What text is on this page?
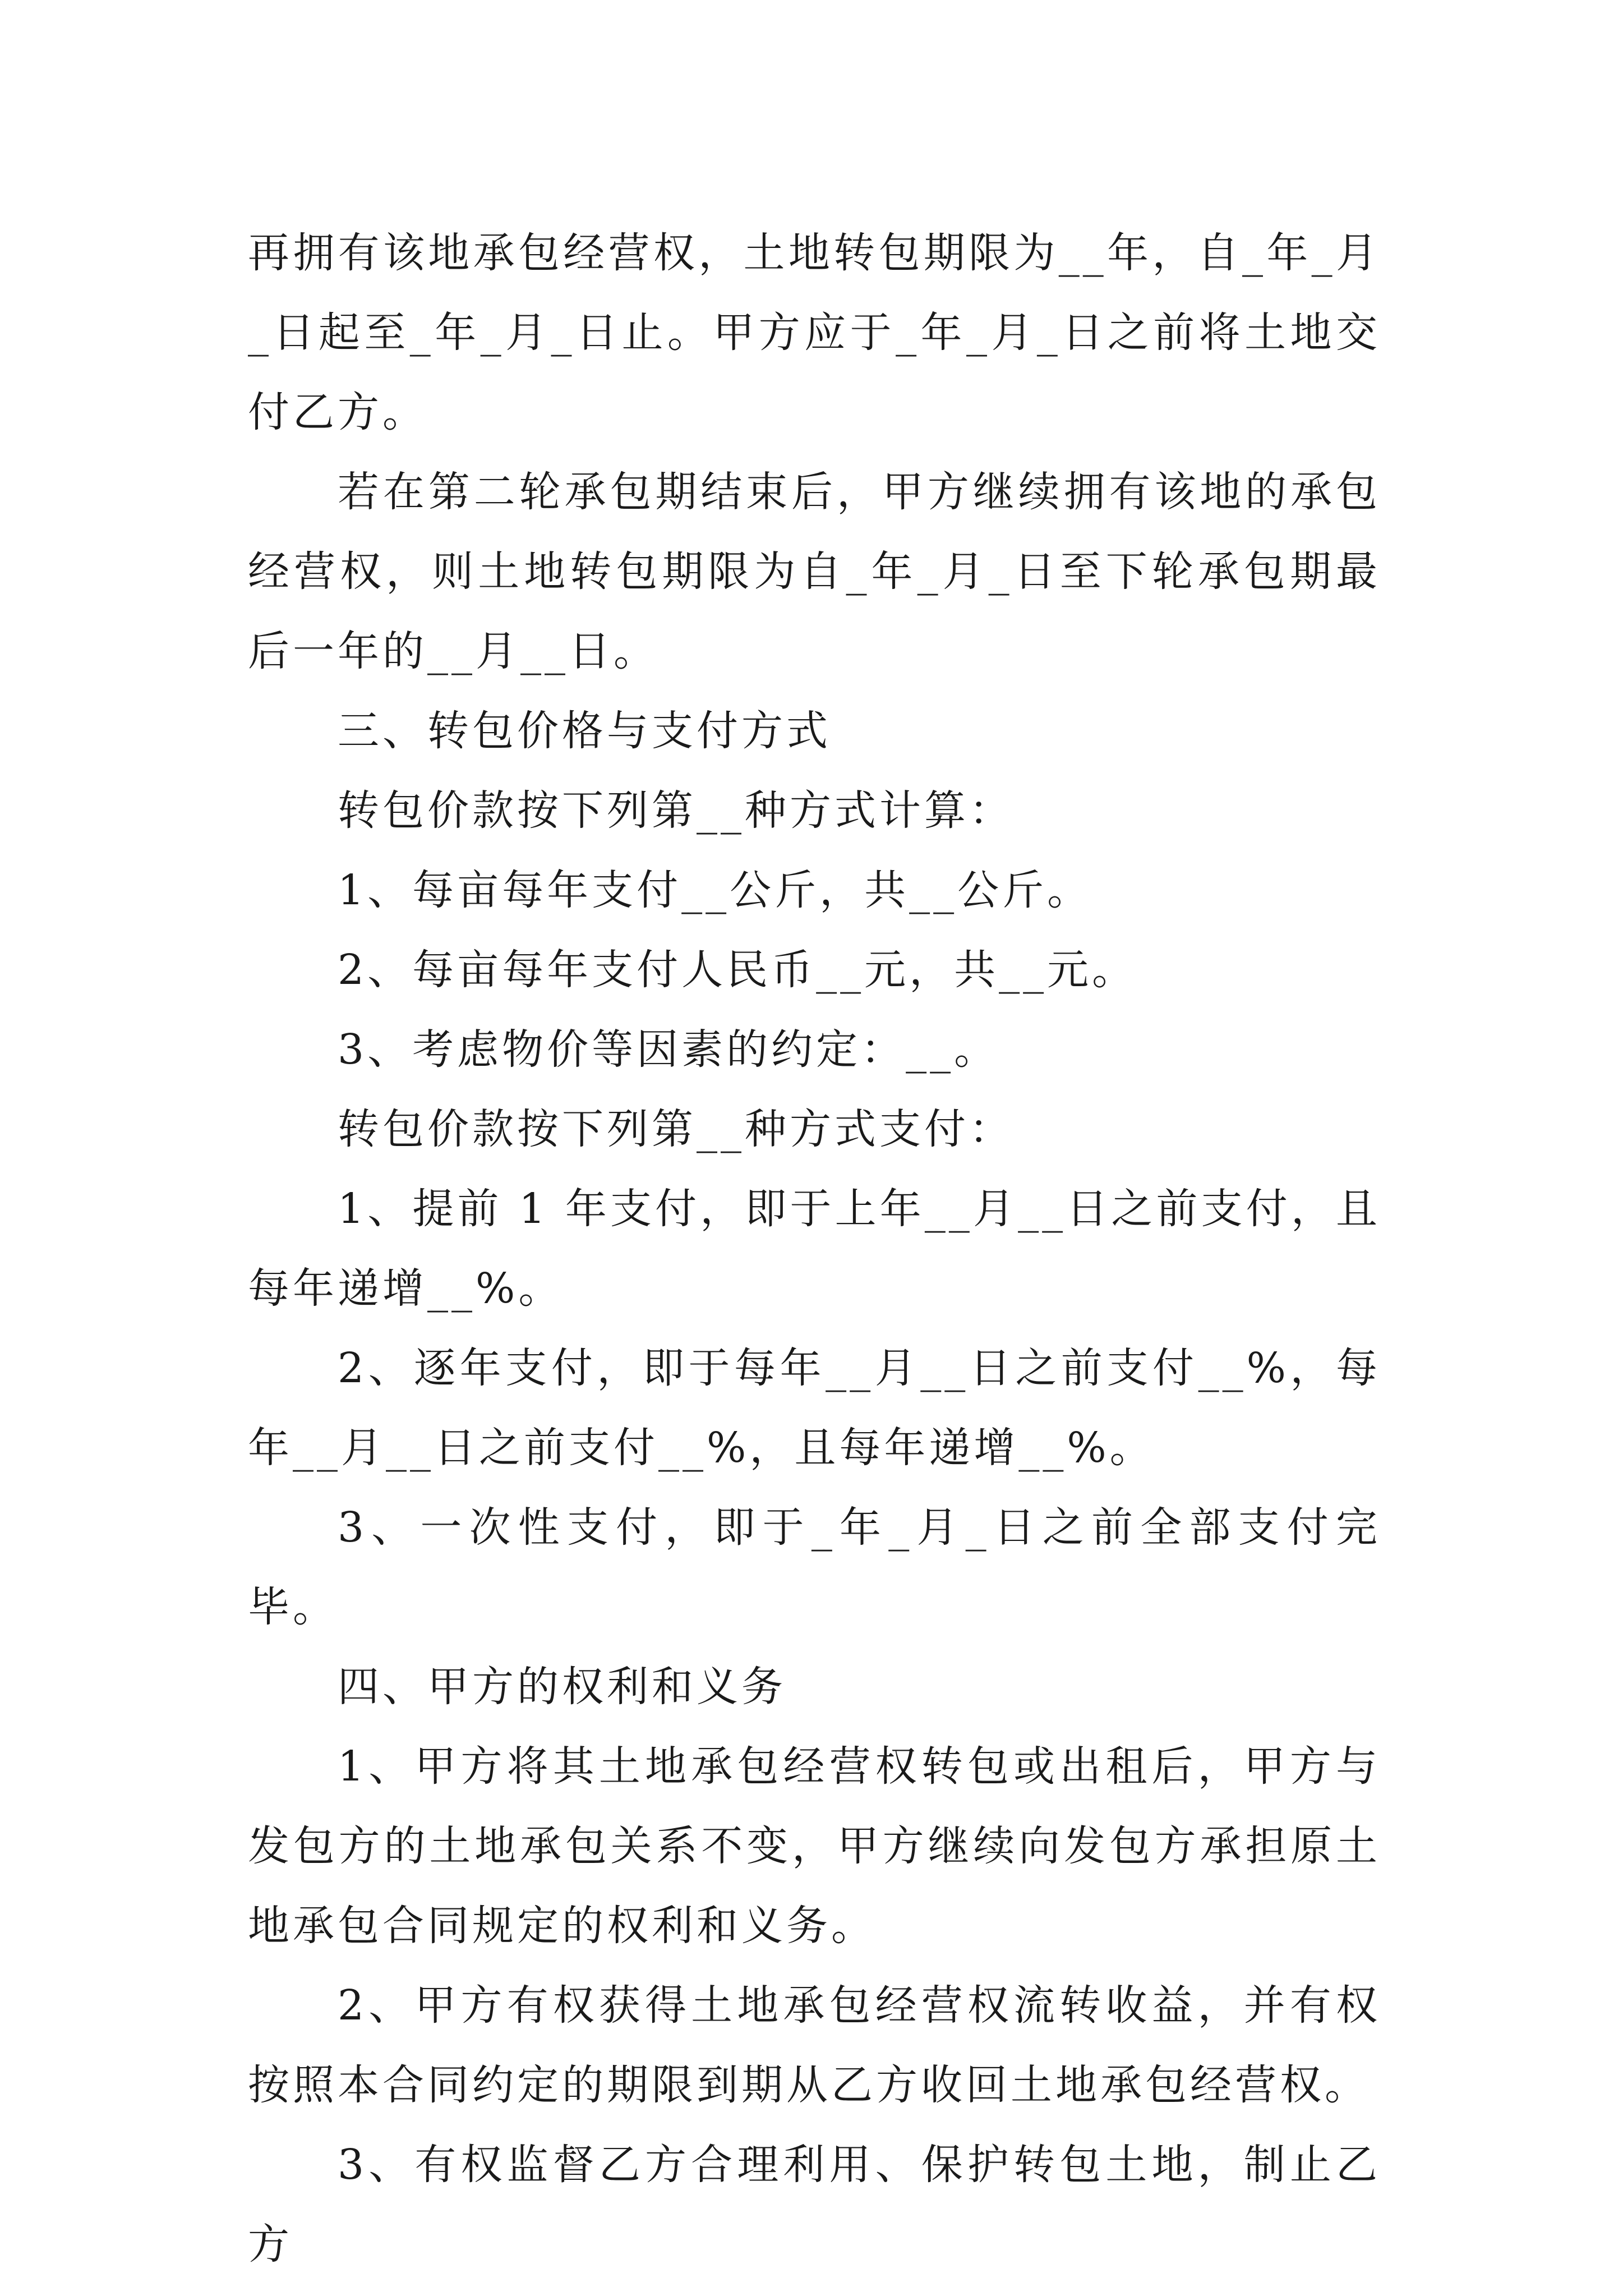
再拥有该地承包经营权，土地转包期限为__年，自_年_月_日起至_年_月_日止。甲方应于_年_月_日之前将土地交付乙方。

若在第二轮承包期结束后，甲方继续拥有该地的承包经营权，则土地转包期限为自_年_月_日至下轮承包期最后一年的__月__日。

三、转包价格与支付方式

转包价款按下列第__种方式计算：

1、每亩每年支付__公斤，共__公斤。

2、每亩每年支付人民币__元，共__元。

3、考虑物价等因素的约定：__。

转包价款按下列第__种方式支付：

1、提前 1 年支付，即于上年__月__日之前支付，且每年递增__%。

2、逐年支付，即于每年__月__日之前支付__%，每年__月__日之前支付__%，且每年递增__%。

3、一次性支付，即于_年_月_日之前全部支付完毕。

四、甲方的权利和义务

1、甲方将其土地承包经营权转包或出租后，甲方与发包方的土地承包关系不变，甲方继续向发包方承担原土地承包合同规定的权利和义务。

2、甲方有权获得土地承包经营权流转收益，并有权按照本合同约定的期限到期从乙方收回土地承包经营权。

3、有权监督乙方合理利用、保护转包土地，制止乙方
